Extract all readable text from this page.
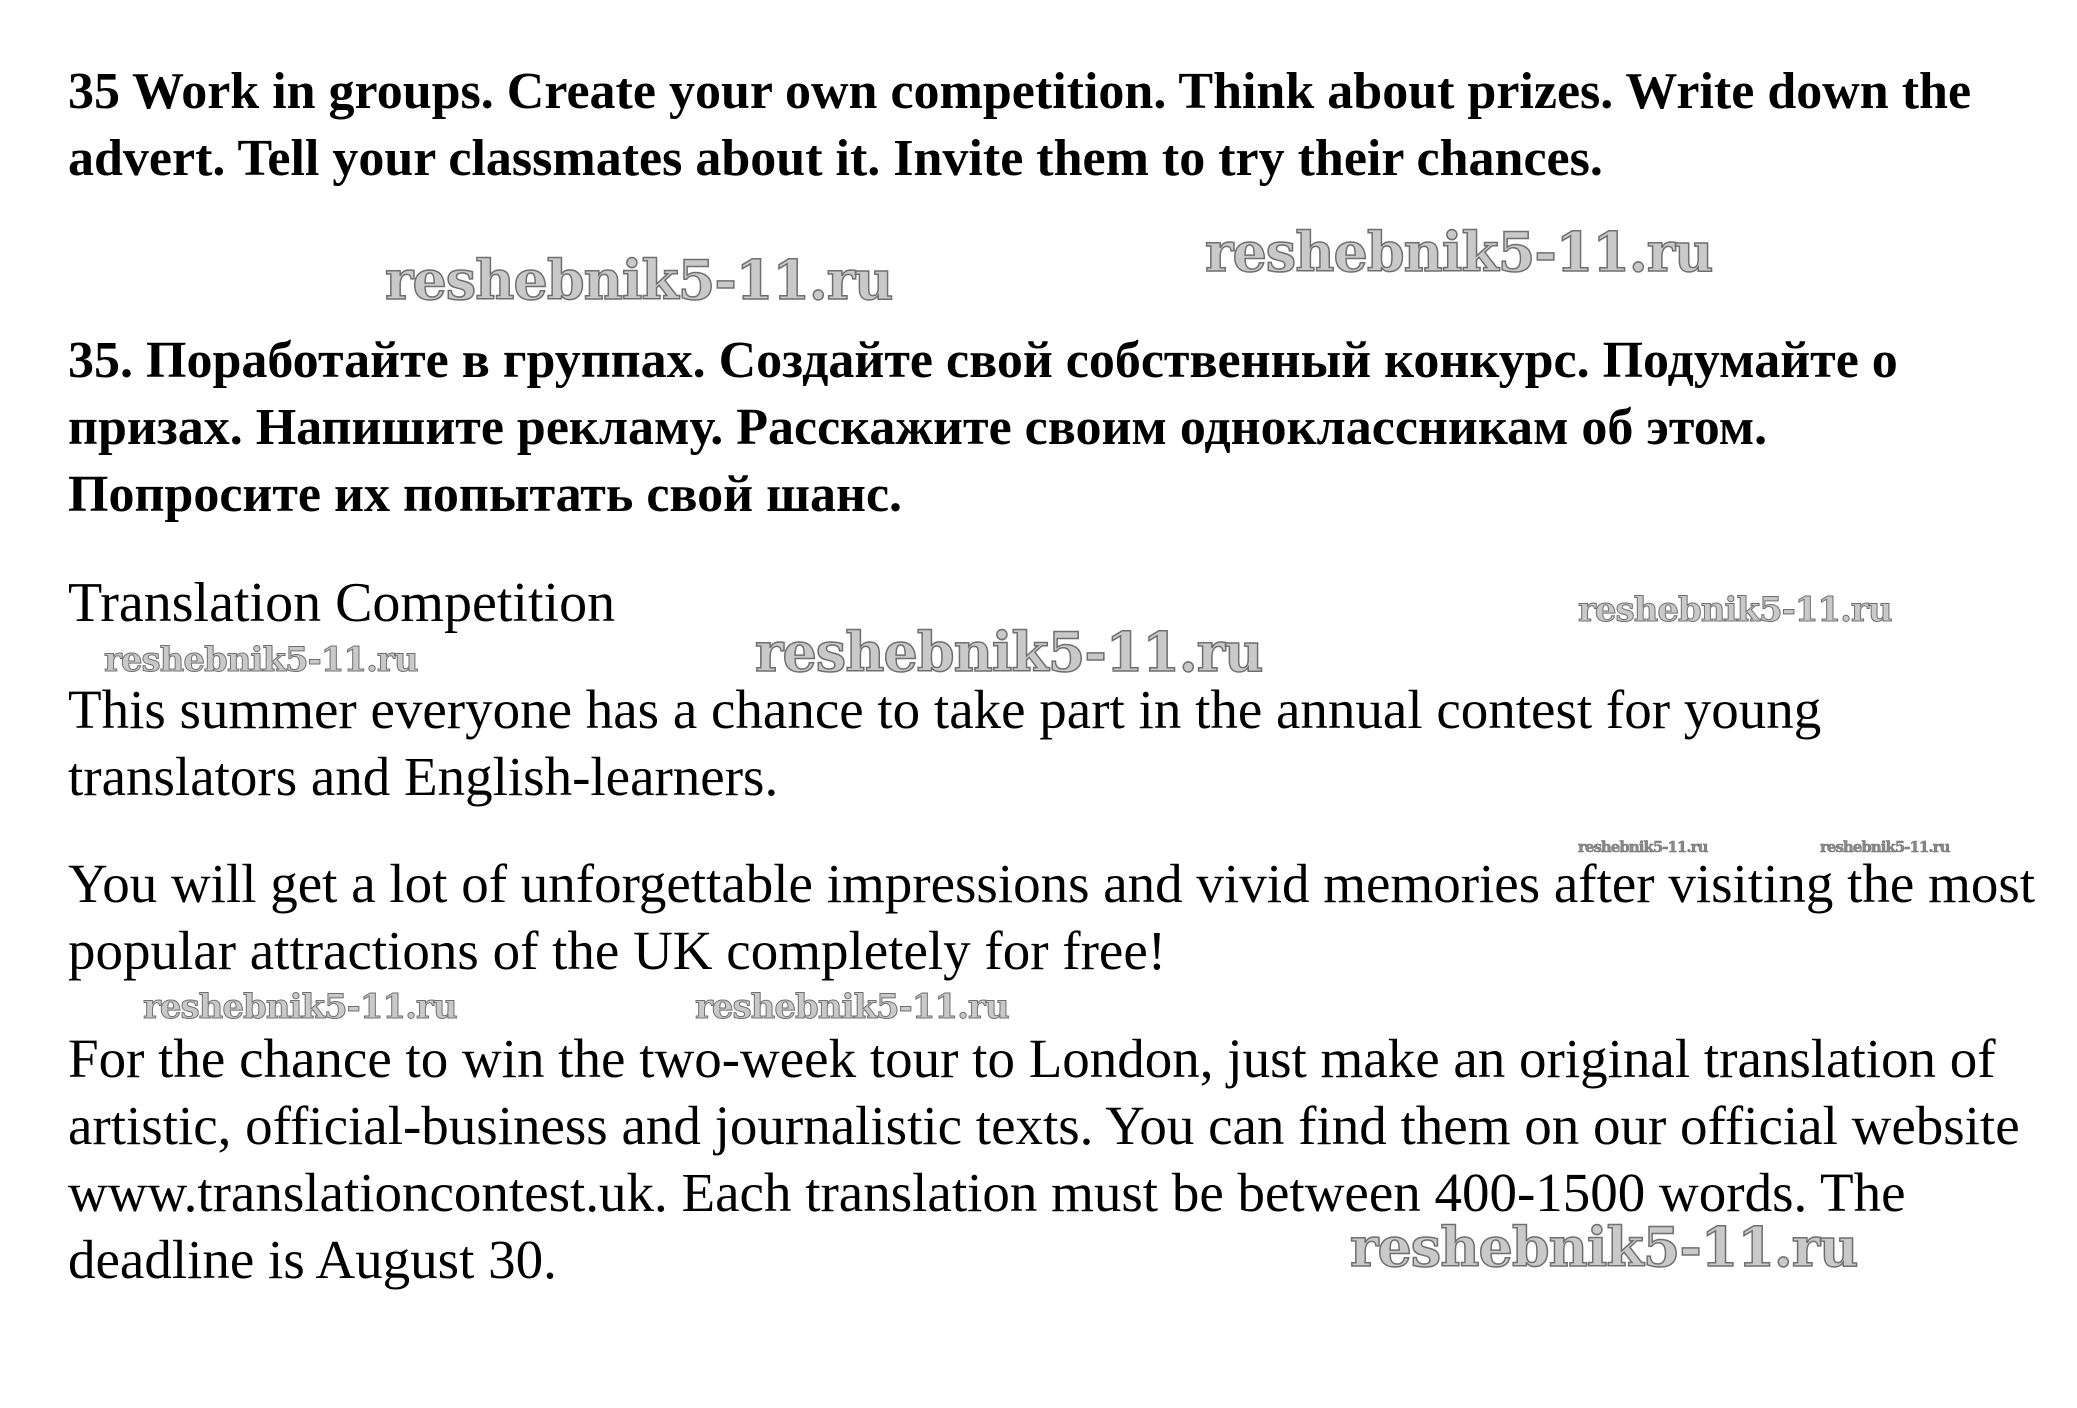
35 Work in groups. Create your own competition. Think about prizes. Write down the advert. Tell your classmates about it. Invite them to try their chances.

35. Поработайте в группах. Создайте свой собственный конкурс. Подумайте о призах. Напишите рекламу. Расскажите своим одноклассникам об этом. Попросите их попытать свой шанс.

Translation Competition

This summer everyone has a chance to take part in the annual contest for young translators and English-learners.

You will get a lot of unforgettable impressions and vivid memories after visiting the most popular attractions of the UK completely for free!

For the chance to win the two-week tour to London, just make an original translation of artistic, official-business and journalistic texts. You can find them on our official website www.translationcontest.uk. Each translation must be between 400-1500 words. The deadline is August 30.

reshebnik5-11.ru	reshebnik5-11.ru
reshebnik5-11.ru	reshebnik5-11.ru
reshebnik5-11.ru
reshebnik5-11.ru	reshebnik5-11.ru
reshebnik5-11.ru	reshebnik5-11.ru
reshebnik5-11.ru
